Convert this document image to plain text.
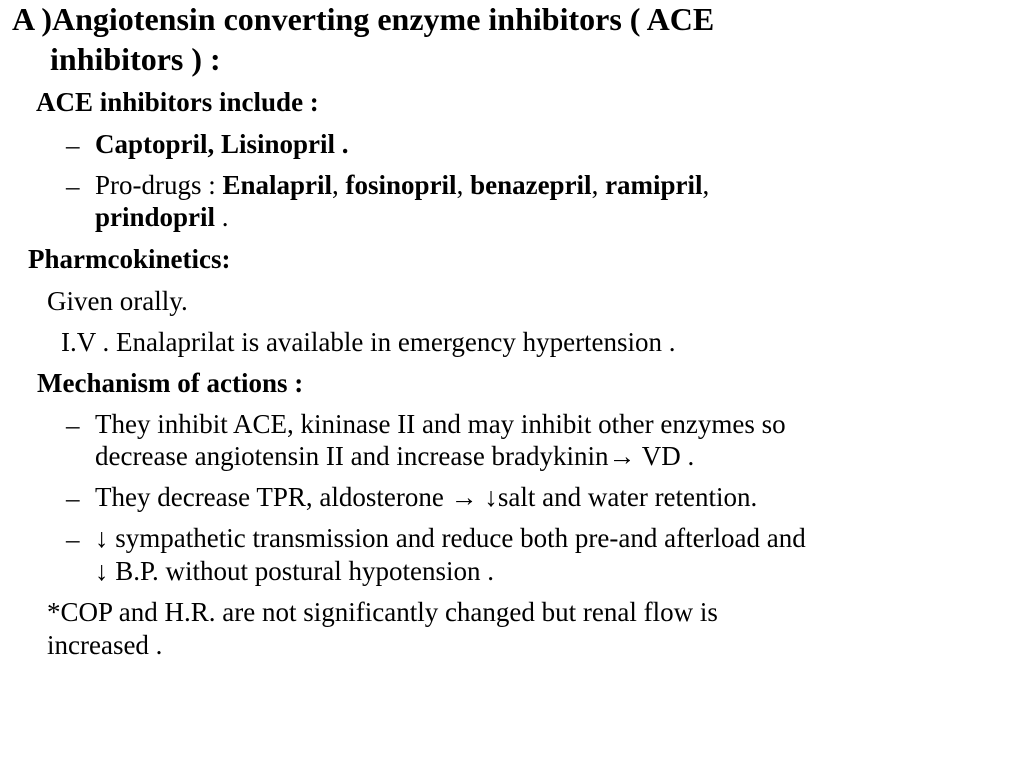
A )Angiotensin converting enzyme inhibitors ( ACE
inhibitors ) :
ACE inhibitors include :
– Captopril, Lisinopril .
– Pro-drugs : Enalapril, fosinopril, benazepril, ramipril,
prindopril .
Pharmcokinetics:
Given orally.
I.V . Enalaprilat is available in emergency hypertension .
Mechanism of actions :
– They inhibit ACE, kininase II and may inhibit other enzymes so
decrease angiotensin II and increase bradykinin→ VD .
– They decrease TPR, aldosterone → ↓salt and water retention.
– ↓ sympathetic transmission and reduce both pre-and afterload and
↓ B.P. without postural hypotension .
*COP and H.R. are not significantly changed but renal flow is
increased .
